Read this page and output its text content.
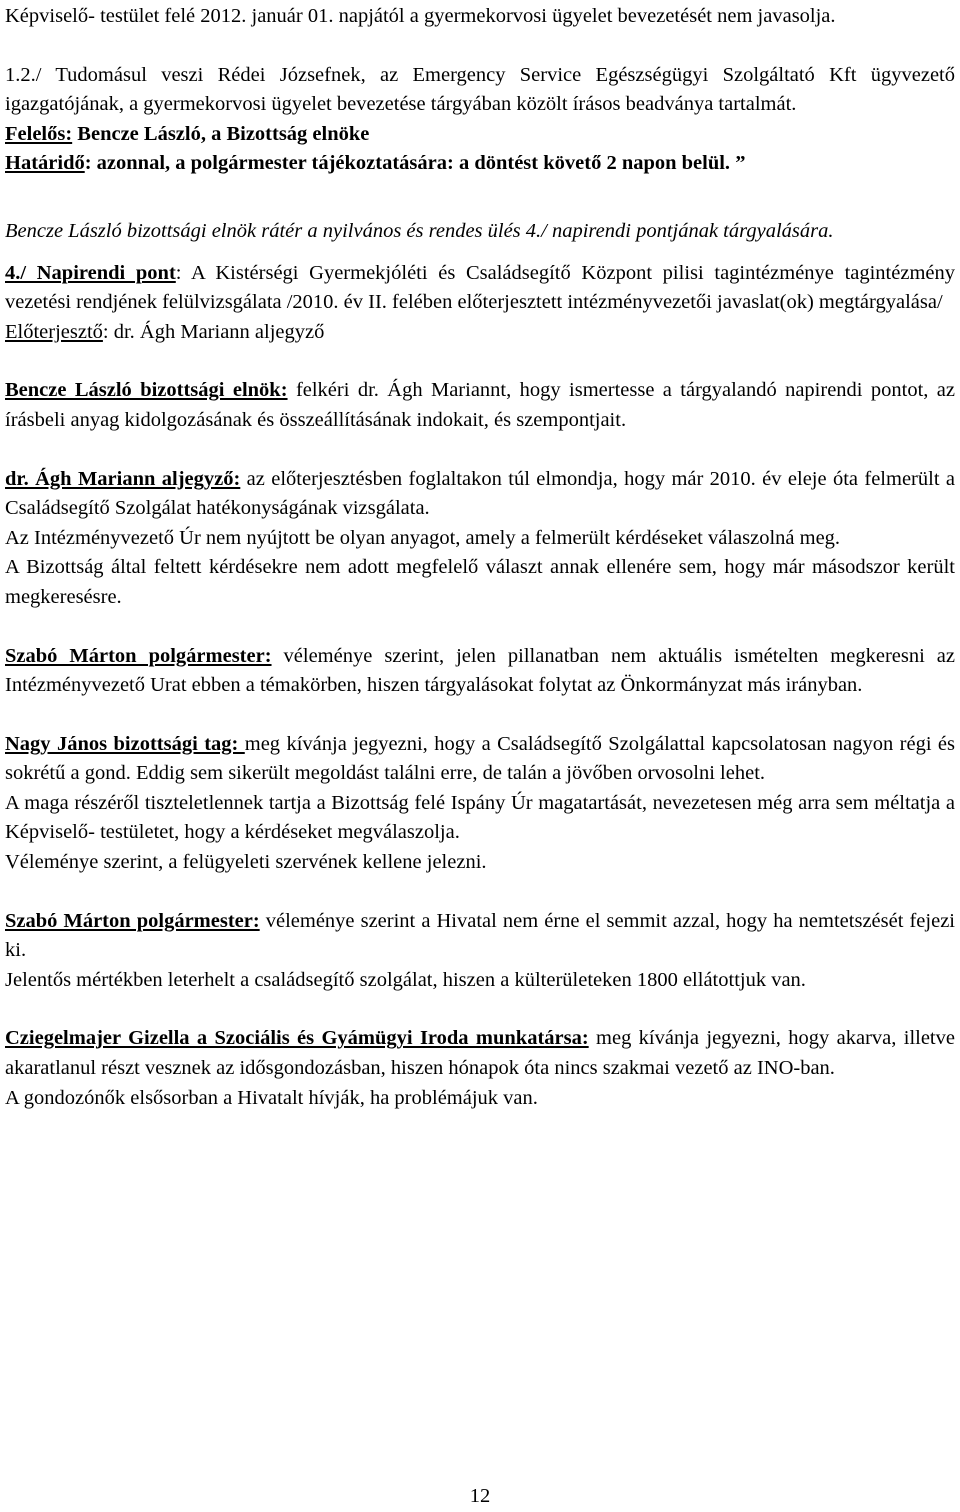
Képviselő- testület felé 2012. január 01. napjától a gyermekorvosi ügyelet bevezetését nem javasolja.

1.2./ Tudomásul veszi Rédei Józsefnek, az Emergency Service Egészségügyi Szolgáltató Kft ügyvezető igazgatójának, a gyermekorvosi ügyelet bevezetése tárgyában közölt írásos beadványa tartalmát.

Felelős: Bencze László, a Bizottság elnöke

Határidő: azonnal, a polgármester tájékoztatására: a döntést követő 2 napon belül. ”

Bencze László bizottsági elnök rátér a nyilvános és rendes ülés 4./ napirendi pontjának tárgyalására.

4./ Napirendi pont: A Kistérségi Gyermekjóléti és Családsegítő Központ pilisi tagintézménye tagintézmény vezetési rendjének felülvizsgálata /2010. év II. felében előterjesztett intézményvezetői javaslat(ok) megtárgyalása/

Előterjesztő: dr. Ágh Mariann aljegyző

Bencze László bizottsági elnök: felkéri dr. Ágh Mariannt, hogy ismertesse a tárgyalandó napirendi pontot, az írásbeli anyag kidolgozásának és összeállításának indokait, és szempontjait.

dr. Ágh Mariann aljegyző: az előterjesztésben foglaltakon túl elmondja, hogy már 2010. év eleje óta felmerült a Családsegítő Szolgálat hatékonyságának vizsgálata.

Az Intézményvezető Úr nem nyújtott be olyan anyagot, amely a felmerült kérdéseket válaszolná meg.

A Bizottság által feltett kérdésekre nem adott megfelelő választ annak ellenére sem, hogy már másodszor került megkeresésre.

Szabó Márton polgármester: véleménye szerint, jelen pillanatban nem aktuális ismételten megkeresni az Intézményvezető Urat ebben a témakörben, hiszen tárgyalásokat folytat az Önkormányzat más irányban.

Nagy János bizottsági tag: meg kívánja jegyezni, hogy a Családsegítő Szolgálattal kapcsolatosan nagyon régi és sokrétű a gond. Eddig sem sikerült megoldást találni erre, de talán a jövőben orvosolni lehet.

A maga részéről tiszteletlennek tartja a Bizottság felé Ispány Úr magatartását, nevezetesen még arra sem méltatja a Képviselő- testületet, hogy a kérdéseket megválaszolja.

Véleménye szerint, a felügyeleti szervének kellene jelezni.

Szabó Márton polgármester: véleménye szerint a Hivatal nem érne el semmit azzal, hogy ha nemtetszését fejezi ki.

Jelentős mértékben leterhelt a családsegítő szolgálat, hiszen a külterületeken 1800 ellátottjuk van.

Cziegelmajer Gizella a Szociális és Gyámügyi Iroda munkatársa: meg kívánja jegyezni, hogy akarva, illetve akaratlanul részt vesznek az idősgondozásban, hiszen hónapok óta nincs szakmai vezető az INO-ban.

A gondozónők elsősorban a Hivatalt hívják, ha problémájuk van.

12
